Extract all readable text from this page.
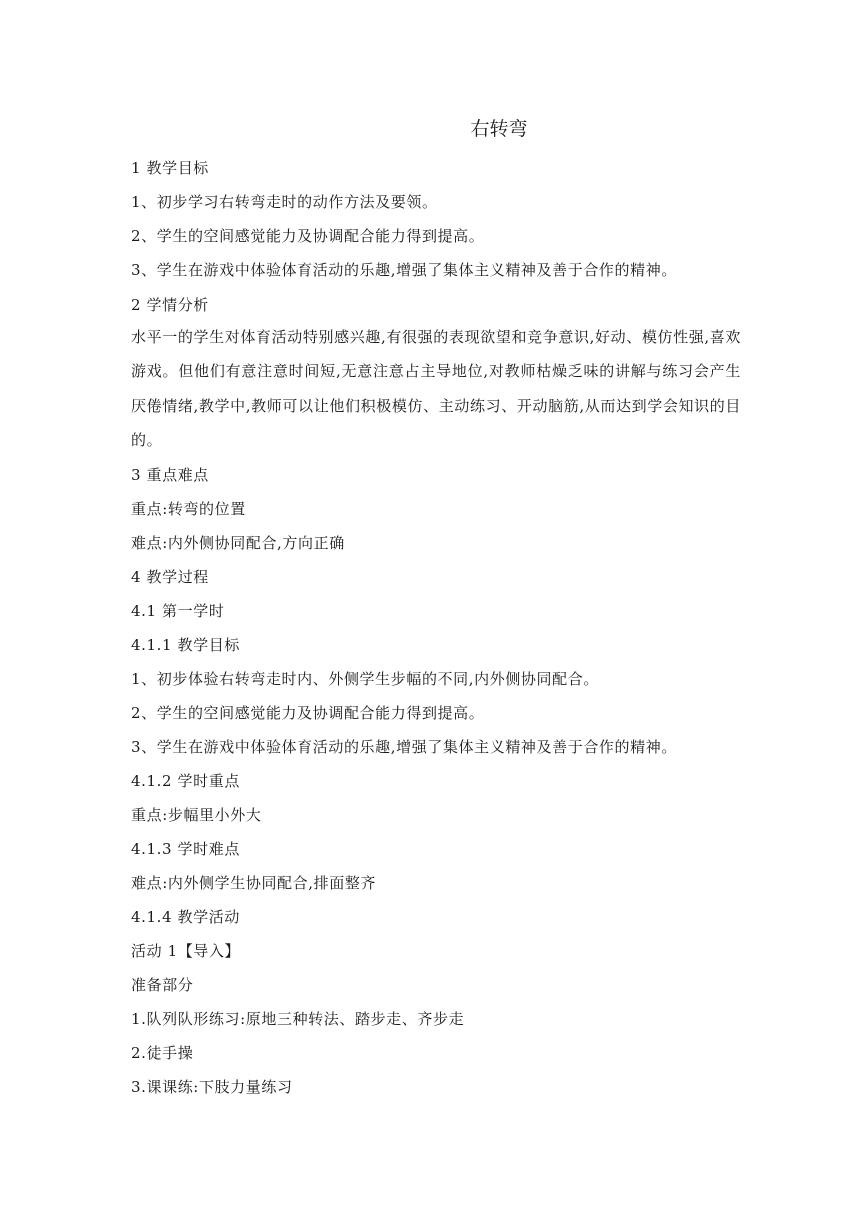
右转弯
1 教学目标
1、初步学习右转弯走时的动作方法及要领。
2、学生的空间感觉能力及协调配合能力得到提高。
3、学生在游戏中体验体育活动的乐趣,增强了集体主义精神及善于合作的精神。
2 学情分析
水平一的学生对体育活动特别感兴趣,有很强的表现欲望和竞争意识,好动、模仿性强,喜欢游戏。但他们有意注意时间短,无意注意占主导地位,对教师枯燥乏味的讲解与练习会产生厌倦情绪,教学中,教师可以让他们积极模仿、主动练习、开动脑筋,从而达到学会知识的目的。
3 重点难点
重点:转弯的位置
难点:内外侧协同配合,方向正确
4 教学过程
4.1 第一学时
4.1.1 教学目标
1、初步体验右转弯走时内、外侧学生步幅的不同,内外侧协同配合。
2、学生的空间感觉能力及协调配合能力得到提高。
3、学生在游戏中体验体育活动的乐趣,增强了集体主义精神及善于合作的精神。
4.1.2 学时重点
重点:步幅里小外大
4.1.3 学时难点
难点:内外侧学生协同配合,排面整齐
4.1.4 教学活动
活动 1【导入】
准备部分
1.队列队形练习:原地三种转法、踏步走、齐步走
2.徒手操
3.课课练:下肢力量练习
